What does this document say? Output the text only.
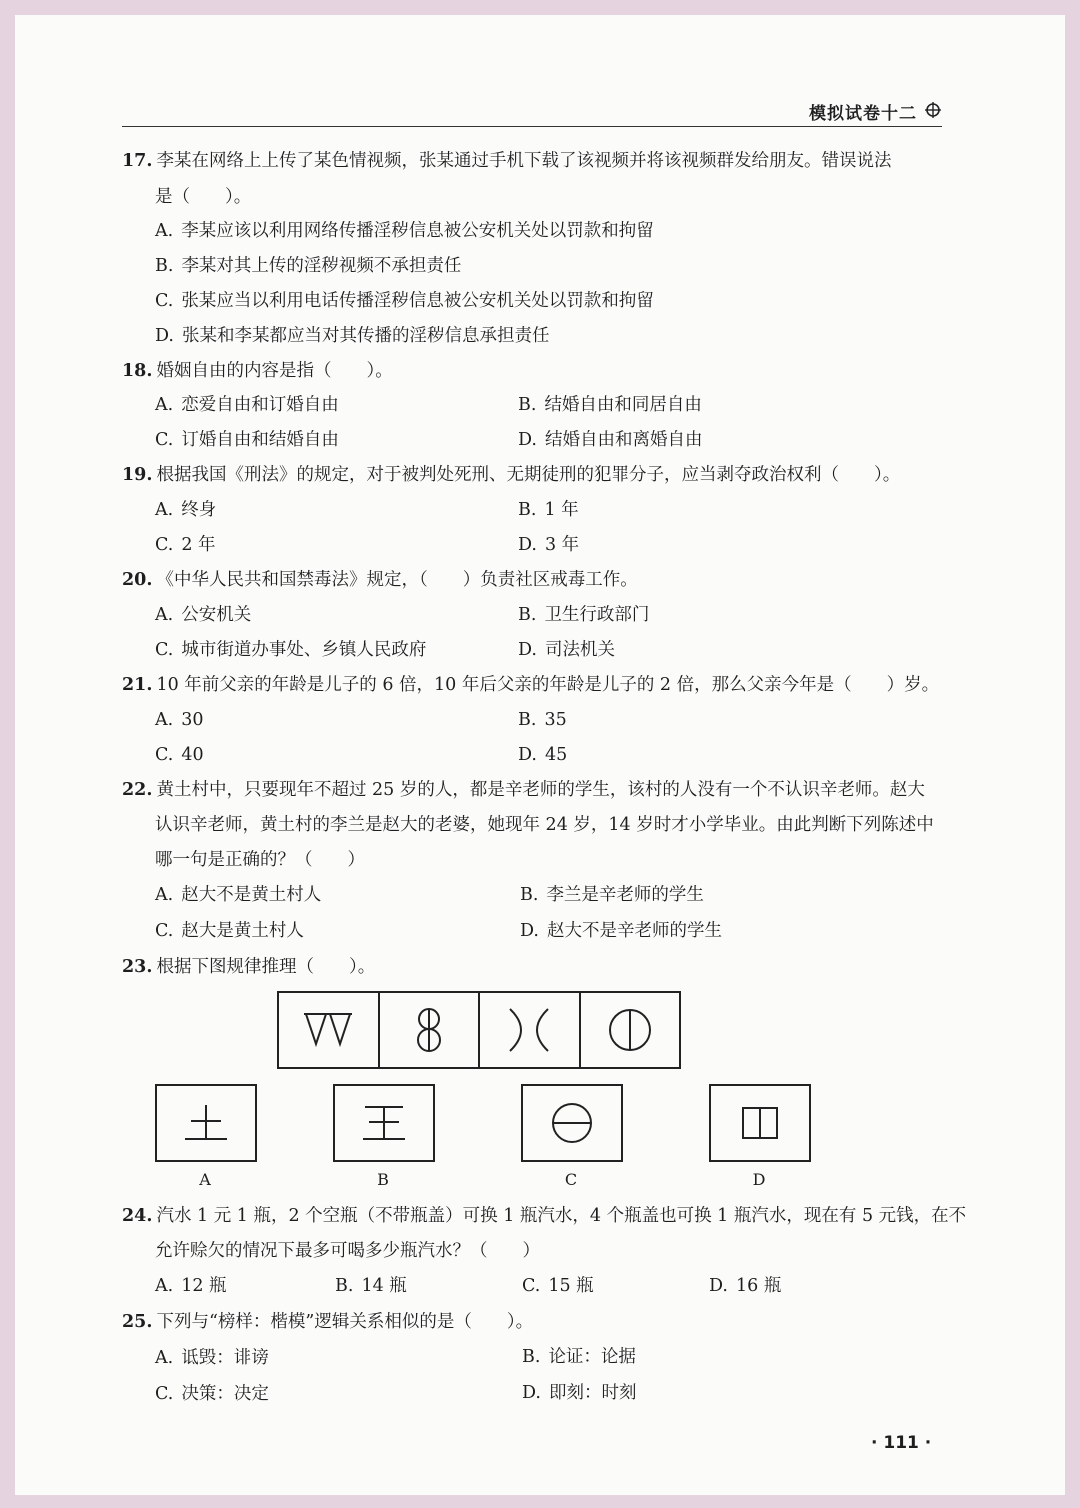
模拟试卷十二
17. 李某在网络上上传了某色情视频，张某通过手机下载了该视频并将该视频群发给朋友。错误说法
是（　　）。
A. 李某应该以利用网络传播淫秽信息被公安机关处以罚款和拘留
B. 李某对其上传的淫秽视频不承担责任
C. 张某应当以利用电话传播淫秽信息被公安机关处以罚款和拘留
D. 张某和李某都应当对其传播的淫秽信息承担责任
18. 婚姻自由的内容是指（　　）。
A. 恋爱自由和订婚自由	B. 结婚自由和同居自由
C. 订婚自由和结婚自由	D. 结婚自由和离婚自由
19. 根据我国《刑法》的规定，对于被判处死刑、无期徒刑的犯罪分子，应当剥夺政治权利（　　）。
A. 终身	B. 1 年
C. 2 年	D. 3 年
20. 《中华人民共和国禁毒法》规定，（　　）负责社区戒毒工作。
A. 公安机关	B. 卫生行政部门
C. 城市街道办事处、乡镇人民政府	D. 司法机关
21. 10 年前父亲的年龄是儿子的 6 倍，10 年后父亲的年龄是儿子的 2 倍，那么父亲今年是（　　）岁。
A. 30	B. 35
C. 40	D. 45
22. 黄土村中，只要现年不超过 25 岁的人，都是辛老师的学生，该村的人没有一个不认识辛老师。赵大
认识辛老师，黄土村的李兰是赵大的老婆，她现年 24 岁，14 岁时才小学毕业。由此判断下列陈述中
哪一句是正确的？（　　）
A. 赵大不是黄土村人	B. 李兰是辛老师的学生
C. 赵大是黄土村人	D. 赵大不是辛老师的学生
23. 根据下图规律推理（　　）。
A	B	C	D
24. 汽水 1 元 1 瓶，2 个空瓶（不带瓶盖）可换 1 瓶汽水，4 个瓶盖也可换 1 瓶汽水，现在有 5 元钱，在不
允许赊欠的情况下最多可喝多少瓶汽水？（　　）
A. 12 瓶	B. 14 瓶	C. 15 瓶	D. 16 瓶
25. 下列与“榜样：楷模”逻辑关系相似的是（　　）。
A. 诋毁：诽谤	B. 论证：论据
C. 决策：决定	D. 即刻：时刻
· 111 ·
